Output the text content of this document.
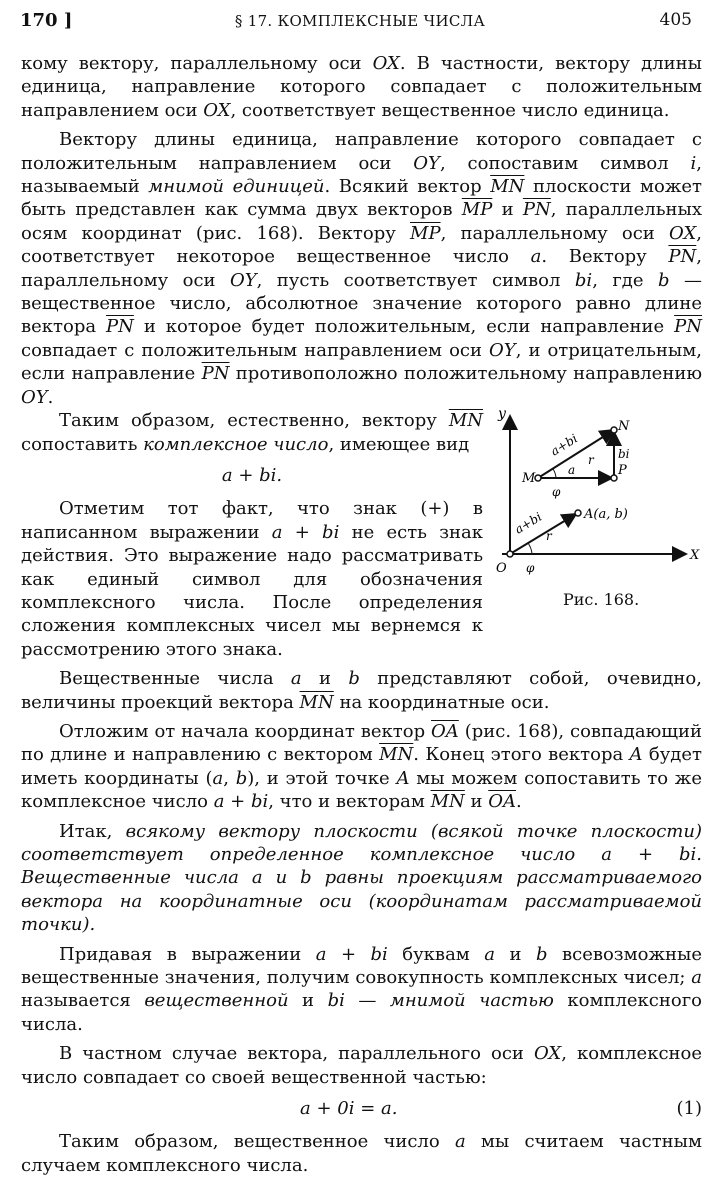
170 ]	§ 17. КОМПЛЕКСНЫЕ ЧИСЛА	405

кому вектору, параллельному оси OX. В частности, вектору длины единица, направление которого совпадает с положительным направлением оси OX, соответствует вещественное число единица.

Вектору длины единица, направление которого совпадает с положительным направлением оси OY, сопоставим символ i, называемый мнимой единицей. Всякий вектор $\overline{MN}$ плоскости может быть представлен как сумма двух векторов $\overline{MP}$ и $\overline{PN}$, параллельных осям координат (рис. 168). Вектору $\overline{MP}$, параллельному оси OX, соответствует некоторое вещественное число a. Вектору $\overline{PN}$, параллельному оси OY, пусть соответствует символ bi, где b — вещественное число, абсолютное значение которого равно длине вектора $\overline{PN}$ и которое будет положительным, если направление $\overline{PN}$ совпадает с положительным направлением оси OY, и отрицательным, если направление $\overline{PN}$ противоположно положительному направлению OY.

Таким образом, естественно, вектору $\overline{MN}$ сопоставить комплексное число, имеющее вид

a + bi.

Отметим тот факт, что знак (+) в написанном выражении a + bi не есть знак действия. Это выражение надо рассматривать как единый символ для обозначения комплексного числа. После определения сложения комплексных чисел мы вернемся к рассмотрению этого знака.

Вещественные числа a и b представляют собой, очевидно, величины проекций вектора $\overline{MN}$ на координатные оси.

Отложим от начала координат вектор $\overline{OA}$ (рис. 168), совпадающий по длине и направлению с вектором $\overline{MN}$. Конец этого вектора A будет иметь координаты (a, b), и этой точке A мы можем сопоставить то же комплексное число a + bi, что и векторам $\overline{MN}$ и $\overline{OA}$.

Итак, всякому вектору плоскости (всякой точке плоскости) соответствует определенное комплексное число a + bi. Вещественные числа a и b равны проекциям рассматриваемого вектора на координатные оси (координатам рассматриваемой точки).

Придавая в выражении a + bi буквам a и b всевозможные вещественные значения, получим совокупность комплексных чисел; a называется вещественной и bi — мнимой частью комплексного числа.

В частном случае вектора, параллельного оси OX, комплексное число совпадает со своей вещественной частью:

a + 0i = a.	(1)

Таким образом, вещественное число a мы считаем частным случаем комплексного числа.

y
X
O
M
N
P
a+bi
r bi
a
φ
A(a, b)
a+bi r
φ
Рис. 168.
